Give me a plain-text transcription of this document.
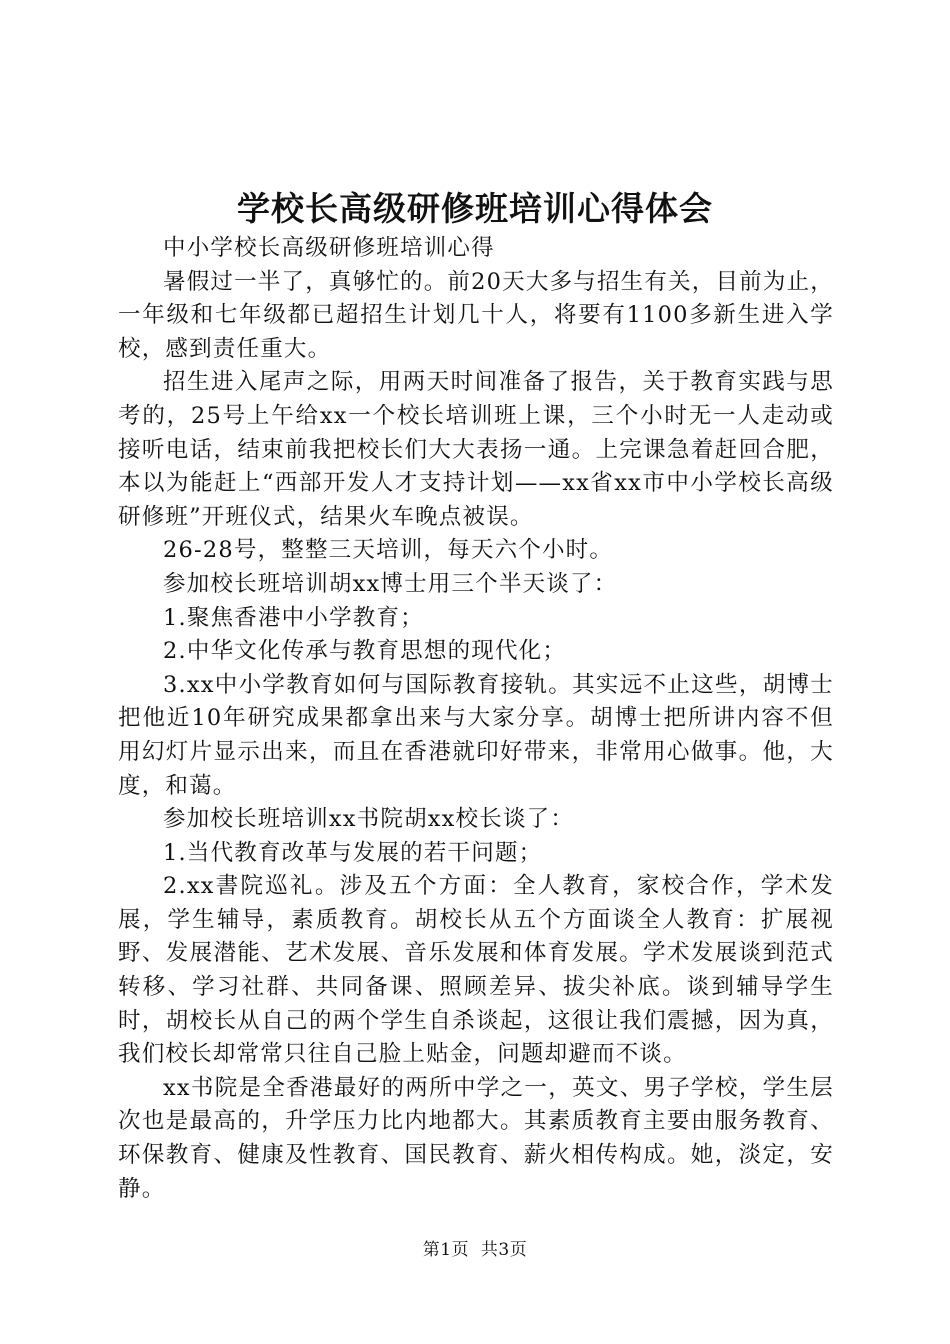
学校长高级研修班培训心得体会

中小学校长高级研修班培训心得

暑假过一半了，真够忙的。前20天大多与招生有关，目前为止，一年级和七年级都已超招生计划几十人，将要有1100多新生进入学校，感到责任重大。

招生进入尾声之际，用两天时间准备了报告，关于教育实践与思考的，25号上午给xx一个校长培训班上课，三个小时无一人走动或接听电话，结束前我把校长们大大表扬一通。上完课急着赶回合肥，本以为能赶上“西部开发人才支持计划——xx省xx市中小学校长高级研修班”开班仪式，结果火车晚点被误。

26-28号，整整三天培训，每天六个小时。

参加校长班培训胡xx博士用三个半天谈了：

1.聚焦香港中小学教育；

2.中华文化传承与教育思想的现代化；

3.xx中小学教育如何与国际教育接轨。其实远不止这些，胡博士把他近10年研究成果都拿出来与大家分享。胡博士把所讲内容不但用幻灯片显示出来，而且在香港就印好带来，非常用心做事。他，大度，和蔼。

参加校长班培训xx书院胡xx校长谈了：

1.当代教育改革与发展的若干问题；

2.xx書院巡礼。涉及五个方面：全人教育，家校合作，学术发展，学生辅导，素质教育。胡校长从五个方面谈全人教育：扩展视野、发展潜能、艺术发展、音乐发展和体育发展。学术发展谈到范式转移、学习社群、共同备课、照顾差异、拔尖补底。谈到辅导学生时，胡校长从自己的两个学生自杀谈起，这很让我们震撼，因为真，我们校长却常常只往自己脸上贴金，问题却避而不谈。

xx书院是全香港最好的两所中学之一，英文、男子学校，学生层次也是最高的，升学压力比内地都大。其素质教育主要由服务教育、环保教育、健康及性教育、国民教育、薪火相传构成。她，淡定，安静。

第1页 共3页
